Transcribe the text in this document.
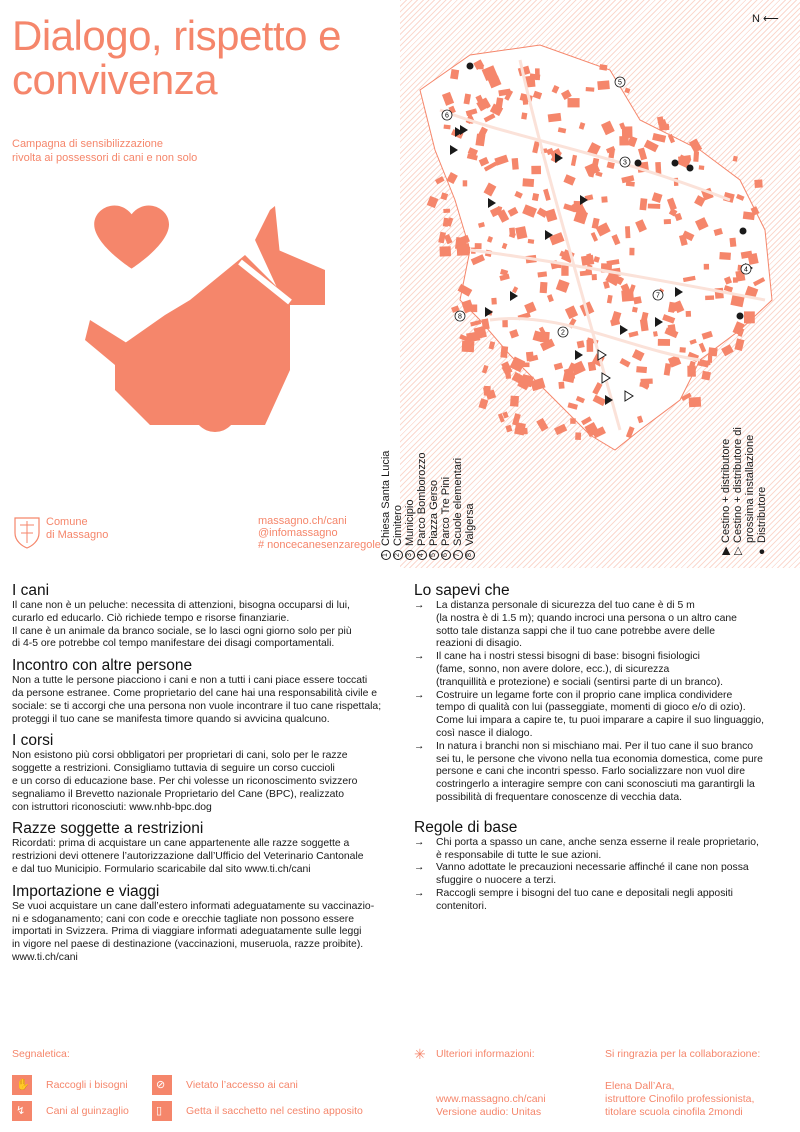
Dialogo, rispetto e convivenza
Campagna di sensibilizzazione
rivolta ai possessori di cani e non solo
Comune
di Massagno
massagno.ch/cani
@infomassagno
# noncecanesenzaregole
5
6
3
4
7
2
8
N ⟵
1
Chiesa Santa Lucia
2
Cimitero
3
Municipio
4
Parco Bomborozzo
5
Piazza Gerso
6
Parco Tre Pini
7
Scuole elementari
8
Valgersa
▶
Cestino + distributore
▷
Cestino + distributore di prossima installazione
●
Distributore
I cani

Il cane non è un peluche: necessita di attenzioni, bisogna occuparsi di lui,
curarlo ed educarlo. Ciò richiede tempo e risorse finanziarie.
Il cane è un animale da branco sociale, se lo lasci ogni giorno solo per più
di 4-5 ore potrebbe col tempo manifestare dei disagi comportamentali.

Incontro con altre persone

Non a tutte le persone piacciono i cani e non a tutti i cani piace essere toccati
da persone estranee. Come proprietario del cane hai una responsabilità civile e
sociale: se ti accorgi che una persona non vuole incontrare il tuo cane rispettala;
proteggi il tuo cane se manifesta timore quando si avvicina qualcuno.

I corsi

Non esistono più corsi obbligatori per proprietari di cani, solo per le razze
soggette a restrizioni. Consigliamo tuttavia di seguire un corso cuccioli
e un corso di educazione base. Per chi volesse un riconoscimento svizzero
segnaliamo il Brevetto nazionale Proprietario del Cane (BPC), realizzato
con istruttori riconosciuti: www.nhb-bpc.dog

Razze soggette a restrizioni

Ricordati: prima di acquistare un cane appartenente alle razze soggette a
restrizioni devi ottenere l’autorizzazione dall’Ufficio del Veterinario Cantonale
e dal tuo Municipio. Formulario scaricabile dal sito www.ti.ch/cani

Importazione e viaggi

Se vuoi acquistare un cane dall’estero informati adeguatamente su vaccinazio-
ni e sdoganamento; cani con code e orecchie tagliate non possono essere
importati in Svizzera. Prima di viaggiare informati adeguatamente sulle leggi
in vigore nel paese di destinazione (vaccinazioni, museruola, razze proibite).
www.ti.ch/cani

Lo sapevi che
→	La distanza personale di sicurezza del tuo cane è di 5 m
(la nostra è di 1.5 m); quando incroci una persona o un altro cane
sotto tale distanza sappi che il tuo cane potrebbe avere delle
reazioni di disagio.
→	Il cane ha i nostri stessi bisogni di base: bisogni fisiologici
(fame, sonno, non avere dolore, ecc.), di sicurezza
(tranquillità e protezione) e sociali (sentirsi parte di un branco).
→	Costruire un legame forte con il proprio cane implica condividere
tempo di qualità con lui (passeggiate, momenti di gioco e/o di ozio).
Come lui impara a capire te, tu puoi imparare a capire il suo linguaggio,
così nasce il dialogo.
→	In natura i branchi non si mischiano mai. Per il tuo cane il suo branco
sei tu, le persone che vivono nella tua economia domestica, come pure
persone e cani che incontri spesso. Farlo socializzare non vuol dire
costringerlo a interagire sempre con cani sconosciuti ma garantirgli la
possibilità di frequentare conoscenze di vecchia data.
Regole di base
→	Chi porta a spasso un cane, anche senza esserne il reale proprietario,
è responsabile di tutte le sue azioni.
→	Vanno adottate le precauzioni necessarie affinché il cane non possa
sfuggire o nuocere a terzi.
→	Raccogli sempre i bisogni del tuo cane e depositali negli appositi
contenitori.
Segnaletica:
✋ Raccogli i bisogni
↯ Cani al guinzaglio
⊘ Vietato l’accesso ai cani
▯ Getta il sacchetto nel cestino apposito
✳ Ulteriori informazioni:
www.massagno.ch/cani
Versione audio: Unitas
Si ringrazia per la collaborazione:
Elena Dall’Ara,
istruttore Cinofilo professionista,
titolare scuola cinofila 2mondi
